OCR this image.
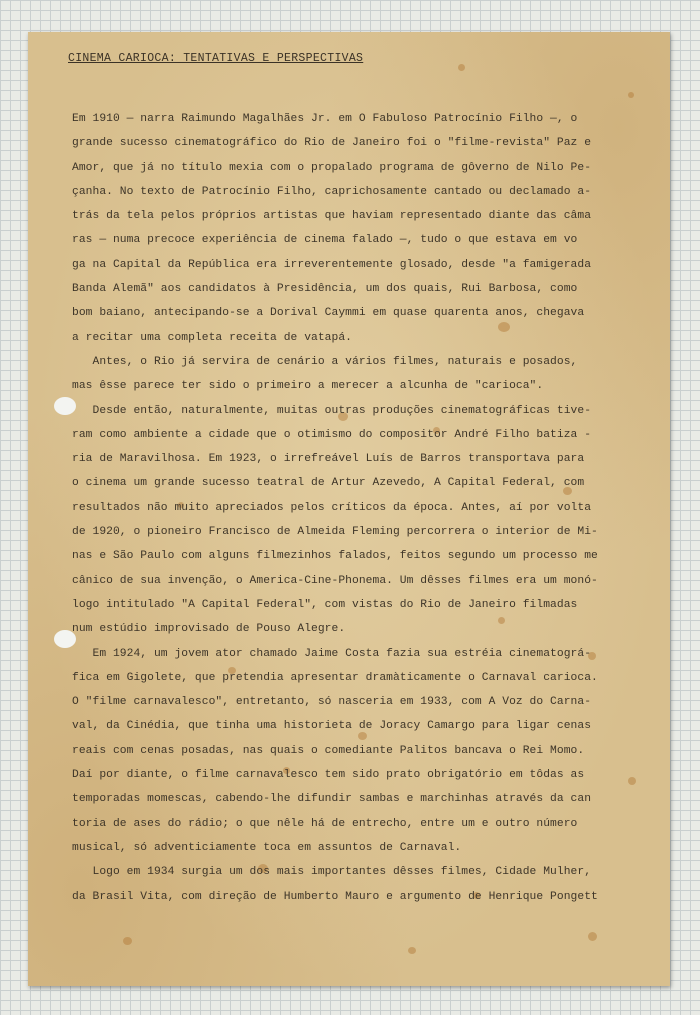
CINEMA CARIOCA: TENTATIVAS E PERSPECTIVAS
Em 1910 — narra Raimundo Magalhães Jr. em O Fabuloso Patrocínio Filho —, o
grande sucesso cinematográfico do Rio de Janeiro foi o "filme-revista" Paz e
Amor, que já no título mexia com o propalado programa de gôverno de Nilo Pe-
çanha. No texto de Patrocínio Filho, caprichosamente cantado ou declamado a-
trás da tela pelos próprios artistas que haviam representado diante das câma
ras — numa precoce experiência de cinema falado —, tudo o que estava em vo
ga na Capital da República era irreverentemente glosado, desde "a famigerada
Banda Alemã" aos candidatos à Presidência, um dos quais, Rui Barbosa, como
bom baiano, antecipando-se a Dorival Caymmi em quase quarenta anos, chegava
a recitar uma completa receita de vatapá.
Antes, o Rio já servira de cenário a vários filmes, naturais e posados,
mas êsse parece ter sido o primeiro a merecer a alcunha de "carioca".
Desde então, naturalmente, muitas outras produções cinematográficas tive-
ram como ambiente a cidade que o otimismo do compositor André Filho batiza -
ria de Maravilhosa. Em 1923, o irrefreável Luís de Barros transportava para
o cinema um grande sucesso teatral de Artur Azevedo, A Capital Federal, com
resultados não muito apreciados pelos críticos da época. Antes, aí por volta
de 1920, o pioneiro Francisco de Almeida Fleming percorrera o interior de Mi-
nas e São Paulo com alguns filmezinhos falados, feitos segundo um processo me
cânico de sua invenção, o America-Cine-Phonema. Um dêsses filmes era um monó-
logo intitulado "A Capital Federal", com vistas do Rio de Janeiro filmadas
num estúdio improvisado de Pouso Alegre.
Em 1924, um jovem ator chamado Jaime Costa fazia sua estréia cinematográ-
fica em Gigolete, que pretendia apresentar dramàticamente o Carnaval carioca.
O "filme carnavalesco", entretanto, só nasceria em 1933, com A Voz do Carna-
val, da Cinédia, que tinha uma historieta de Joracy Camargo para ligar cenas
reais com cenas posadas, nas quais o comediante Palitos bancava o Rei Momo.
Daí por diante, o filme carnavalesco tem sido prato obrigatório em tôdas as
temporadas momescas, cabendo-lhe difundir sambas e marchinhas através da can
toria de ases do rádio; o que nêle há de entrecho, entre um e outro número
musical, só adventiciamente toca em assuntos de Carnaval.
Logo em 1934 surgia um dos mais importantes dêsses filmes, Cidade Mulher,
da Brasil Vita, com direção de Humberto Mauro e argumento de Henrique Pongett
